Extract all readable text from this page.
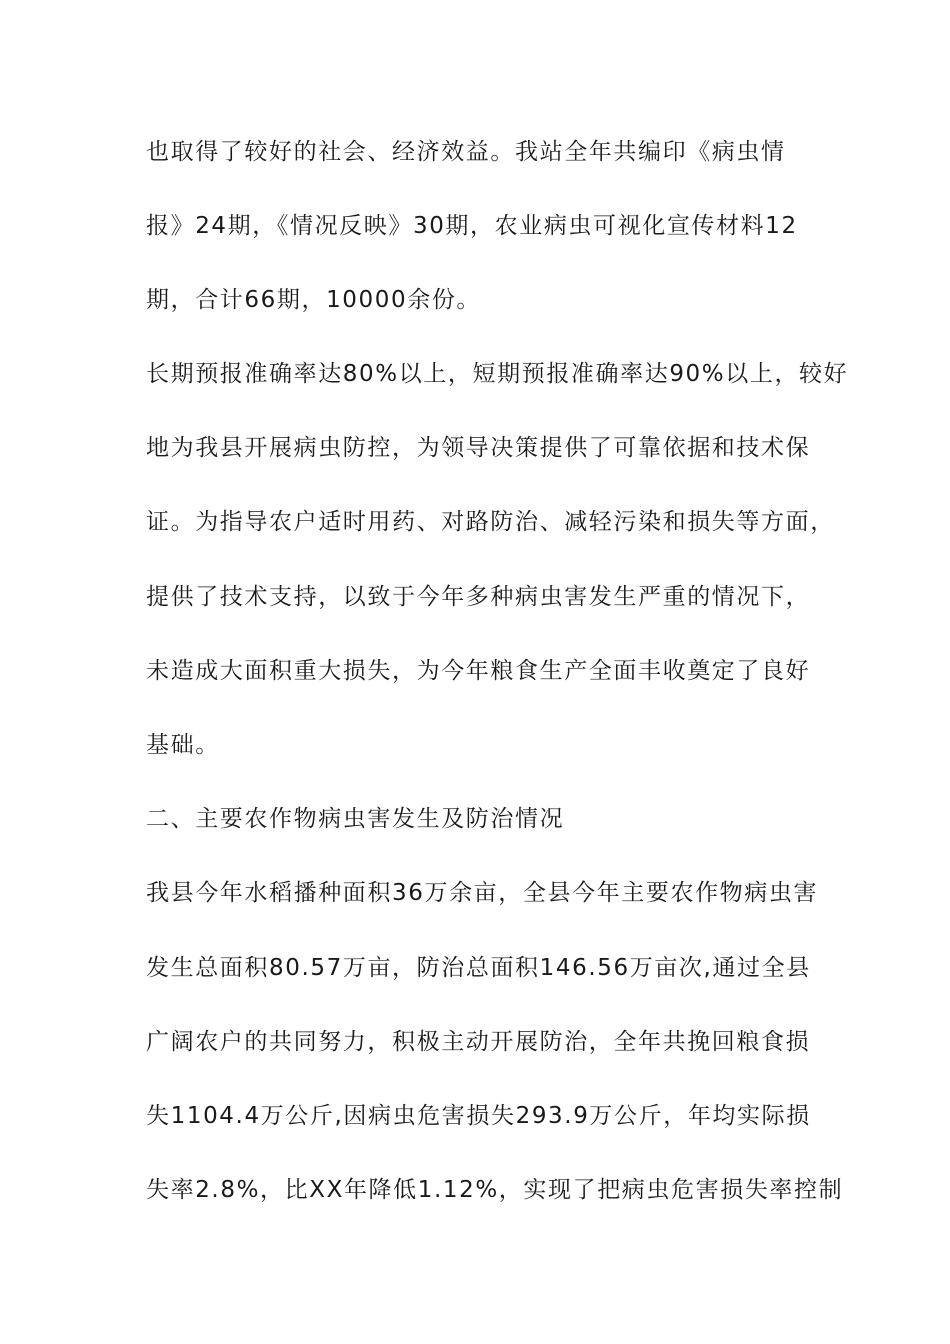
也取得了较好的社会、经济效益。我站全年共编印《病虫情
报》24期，《情况反映》30期，农业病虫可视化宣传材料12
期，合计66期，10000余份。
长期预报准确率达80%以上，短期预报准确率达90%以上，较好
地为我县开展病虫防控，为领导决策提供了可靠依据和技术保
证。为指导农户适时用药、对路防治、减轻污染和损失等方面，
提供了技术支持，以致于今年多种病虫害发生严重的情况下，
未造成大面积重大损失，为今年粮食生产全面丰收奠定了良好
基础。
二、主要农作物病虫害发生及防治情况
我县今年水稻播种面积36万余亩，全县今年主要农作物病虫害
发生总面积80.57万亩，防治总面积146.56万亩次,通过全县
广阔农户的共同努力，积极主动开展防治，全年共挽回粮食损
失1104.4万公斤,因病虫危害损失293.9万公斤，年均实际损
失率2.8%，比XX年降低1.12%，实现了把病虫危害损失率控制
